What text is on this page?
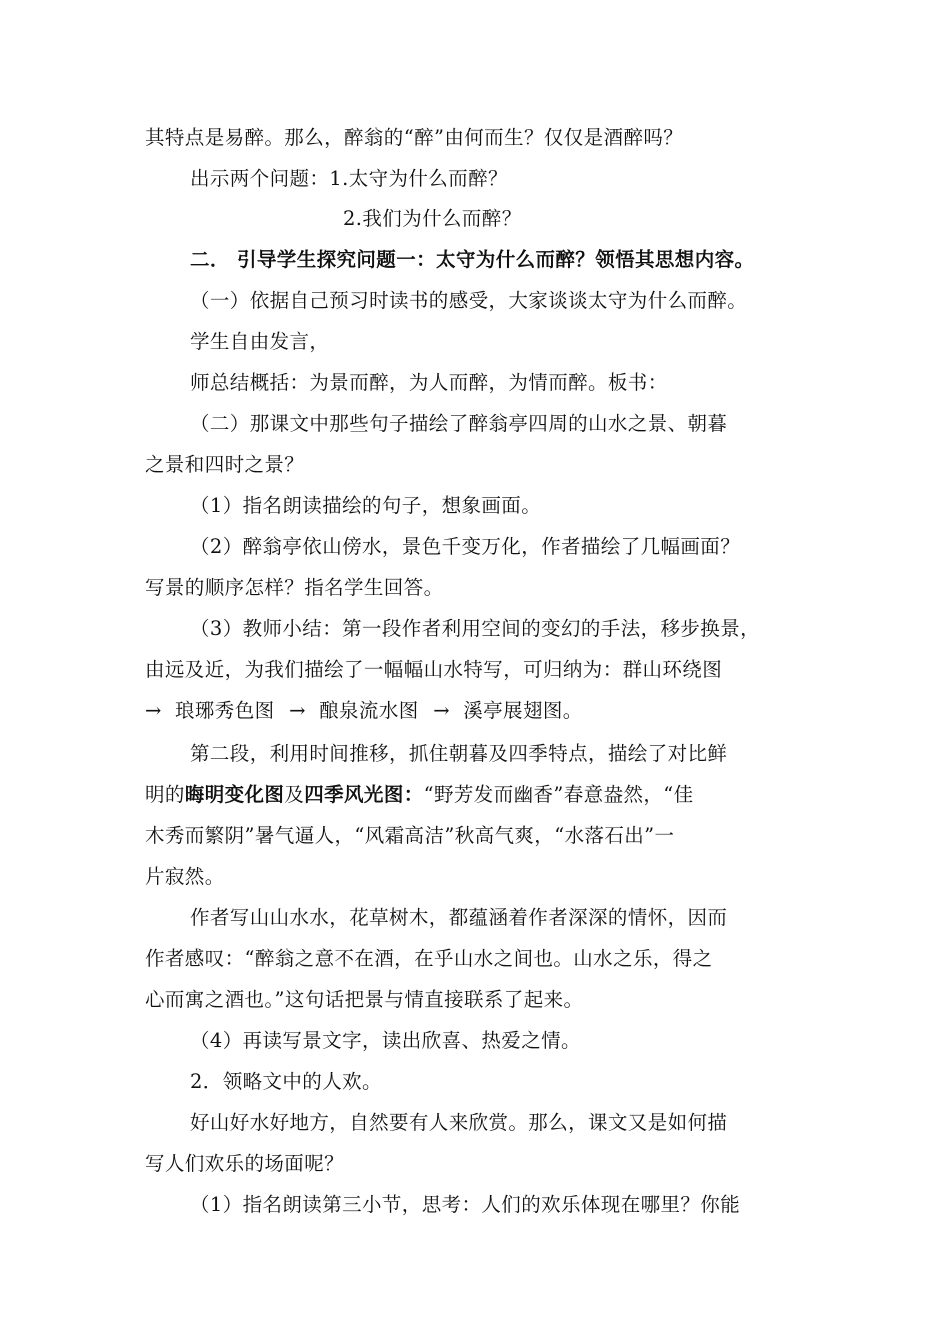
其特点是易醉。那么，醉翁的“醉”由何而生？仅仅是酒醉吗？
出示两个问题：1.太守为什么而醉？
2.我们为什么而醉？
二． 引导学生探究问题一：太守为什么而醉？领悟其思想内容。
（一）依据自己预习时读书的感受，大家谈谈太守为什么而醉。
学生自由发言，
师总结概括：为景而醉，为人而醉，为情而醉。板书：
（二）那课文中那些句子描绘了醉翁亭四周的山水之景、朝暮
之景和四时之景？
（1）指名朗读描绘的句子，想象画面。
（2）醉翁亭依山傍水，景色千变万化，作者描绘了几幅画面？
写景的顺序怎样？指名学生回答。
（3）教师小结：第一段作者利用空间的变幻的手法，移步换景，
由远及近，为我们描绘了一幅幅山水特写，可归纳为：群山环绕图
→ 琅琊秀色图 → 酿泉流水图 → 溪亭展翅图。
第二段，利用时间推移，抓住朝暮及四季特点，描绘了对比鲜
明的晦明变化图及四季风光图：“野芳发而幽香”春意盎然，“佳
木秀而繁阴”暑气逼人，“风霜高洁”秋高气爽，“水落石出”一
片寂然。
作者写山山水水，花草树木，都蕴涵着作者深深的情怀，因而
作者感叹：“醉翁之意不在酒，在乎山水之间也。山水之乐，得之
心而寓之酒也。”这句话把景与情直接联系了起来。
（4）再读写景文字，读出欣喜、热爱之情。
2．领略文中的人欢。
好山好水好地方，自然要有人来欣赏。那么，课文又是如何描
写人们欢乐的场面呢？
（1）指名朗读第三小节，思考：人们的欢乐体现在哪里？你能
